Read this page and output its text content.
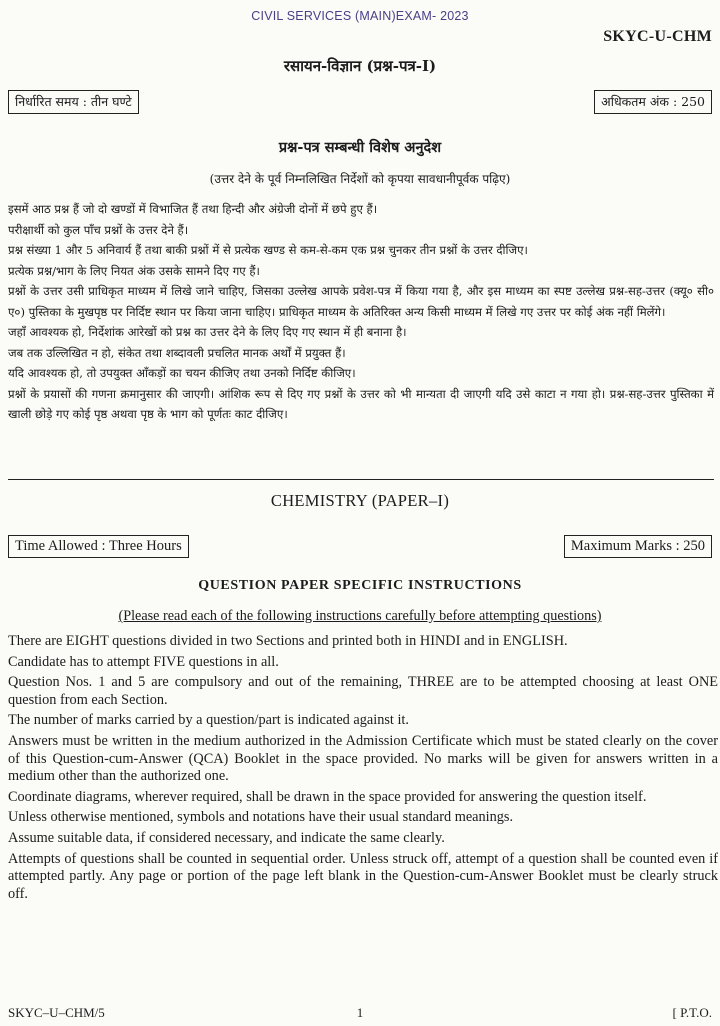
CIVIL SERVICES (MAIN)EXAM- 2023
SKYC-U-CHM
रसायन-विज्ञान (प्रश्न-पत्र-I)
निर्धारित समय : तीन घण्टे	अधिकतम अंक : 250
प्रश्न-पत्र सम्बन्धी विशेष अनुदेश
(उत्तर देने के पूर्व निम्नलिखित निर्देशों को कृपया सावधानीपूर्वक पढ़िए)
इसमें आठ प्रश्न हैं जो दो खण्डों में विभाजित हैं तथा हिन्दी और अंग्रेजी दोनों में छपे हुए हैं।
परीक्षार्थी को कुल पाँच प्रश्नों के उत्तर देने हैं।
प्रश्न संख्या 1 और 5 अनिवार्य हैं तथा बाकी प्रश्नों में से प्रत्येक खण्ड से कम-से-कम एक प्रश्न चुनकर तीन प्रश्नों के उत्तर दीजिए।
प्रत्येक प्रश्न/भाग के लिए नियत अंक उसके सामने दिए गए हैं।
प्रश्नों के उत्तर उसी प्राधिकृत माध्यम में लिखे जाने चाहिए, जिसका उल्लेख आपके प्रवेश-पत्र में किया गया है, और इस माध्यम का स्पष्ट उल्लेख प्रश्न-सह-उत्तर (क्यू० सी० ए०) पुस्तिका के मुखपृष्ठ पर निर्दिष्ट स्थान पर किया जाना चाहिए। प्राधिकृत माध्यम के अतिरिक्त अन्य किसी माध्यम में लिखे गए उत्तर पर कोई अंक नहीं मिलेंगे।
जहाँ आवश्यक हो, निर्देशांक आरेखों को प्रश्न का उत्तर देने के लिए दिए गए स्थान में ही बनाना है।
जब तक उल्लिखित न हो, संकेत तथा शब्दावली प्रचलित मानक अर्थों में प्रयुक्त हैं।
यदि आवश्यक हो, तो उपयुक्त आँकड़ों का चयन कीजिए तथा उनको निर्दिष्ट कीजिए।
प्रश्नों के प्रयासों की गणना क्रमानुसार की जाएगी। आंशिक रूप से दिए गए प्रश्नों के उत्तर को भी मान्यता दी जाएगी यदि उसे काटा न गया हो। प्रश्न-सह-उत्तर पुस्तिका में खाली छोड़े गए कोई पृष्ठ अथवा पृष्ठ के भाग को पूर्णतः काट दीजिए।
CHEMISTRY (PAPER–I)
Time Allowed : Three Hours	Maximum Marks : 250
QUESTION PAPER SPECIFIC INSTRUCTIONS
(Please read each of the following instructions carefully before attempting questions)
There are EIGHT questions divided in two Sections and printed both in HINDI and in ENGLISH.
Candidate has to attempt FIVE questions in all.
Question Nos. 1 and 5 are compulsory and out of the remaining, THREE are to be attempted choosing at least ONE question from each Section.
The number of marks carried by a question/part is indicated against it.
Answers must be written in the medium authorized in the Admission Certificate which must be stated clearly on the cover of this Question-cum-Answer (QCA) Booklet in the space provided. No marks will be given for answers written in a medium other than the authorized one.
Coordinate diagrams, wherever required, shall be drawn in the space provided for answering the question itself.
Unless otherwise mentioned, symbols and notations have their usual standard meanings.
Assume suitable data, if considered necessary, and indicate the same clearly.
Attempts of questions shall be counted in sequential order. Unless struck off, attempt of a question shall be counted even if attempted partly. Any page or portion of the page left blank in the Question-cum-Answer Booklet must be clearly struck off.
SKYC–U–CHM/5	1	[ P.T.O.
